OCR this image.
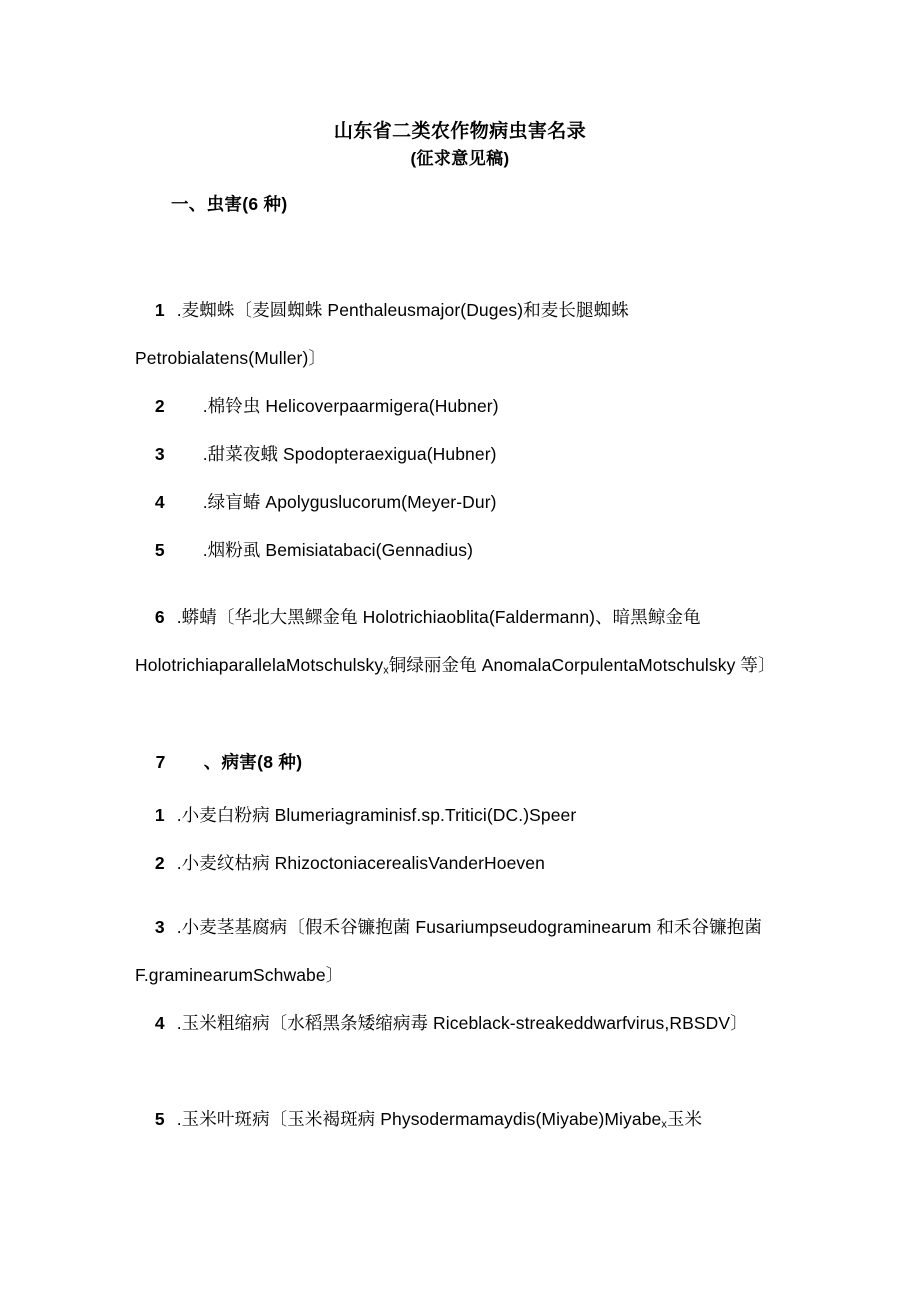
山东省二类农作物病虫害名录
(征求意见稿)
一、虫害(6 种)

1 .麦蜘蛛〔麦圆蜘蛛 Penthaleusmajor(Duges)和麦长腿蜘蛛 Petrobialatens(Muller)〕

2 .棉铃虫 Helicoverpaarmigera(Hubner)

3 .甜菜夜蛾 Spodopteraexigua(Hubner)

4 .绿盲蝽 Apolyguslucorum(Meyer-Dur)

5 .烟粉虱 Bemisiatabaci(Gennadius)

6 .蟒蜻〔华北大黑鳏金龟 Holotrichiaoblita(Faldermann)、暗黑鲸金龟 HolotrichiaparallelaMotschulsky$_x$铜绿丽金龟 AnomalaCorpulentaMotschulsky 等〕

7 、病害(8 种)

1 .小麦白粉病 Blumeriagraminisf.sp.Tritici(DC.)Speer

2 .小麦纹枯病 RhizoctoniacerealisVanderHoeven

3 .小麦茎基腐病〔假禾谷镰抱菌 Fusariumpseudograminearum 和禾谷镰抱菌 F.graminearumSchwabe〕

4 .玉米粗缩病〔水稻黑条矮缩病毒 Riceblack-streakeddwarfvirus,RBSDV〕

5 .玉米叶斑病〔玉米褐斑病 Physodermamaydis(Miyabe)Miyabe$_x$玉米
